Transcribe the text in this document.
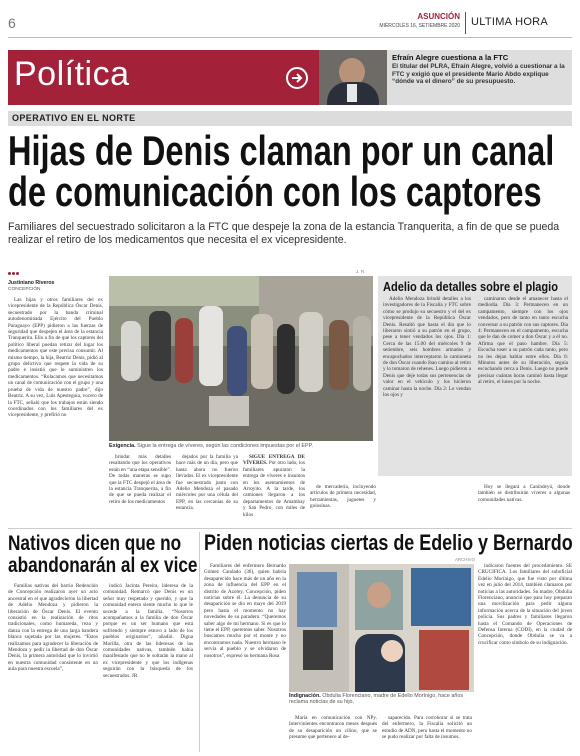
6	ASUNCIÓN
MIÉRCOLES 16, SETIEMBRE 2020 ULTIMA HORA
Política	Efraín Alegre cuestiona a la FTC
El titular del PLRA, Efraín Alegre, volvió a cuestionar a la FTC y exigió que el presidente Mario Abdo explique “dónde va el dinero” de su presupuesto.
OPERATIVO EN EL NORTE
Hijas de Denis claman por un canal
de comunicación con los captores
Familiares del secuestrado solicitaron a la FTC que despeje la zona de la estancia Tranquerita, a fin de que se pueda realizar el retiro de los medicamentos que necesita el ex vicepresidente.
Justiniano Riveros
CONCEPCIÓN

Las hijas y otros familiares del ex vicepresidente de la República Óscar Denis, secuestrado por la banda criminal autodenominada Ejército del Pueblo Paraguayo (EPP) pidieron a las fuerzas de seguridad que despejen el área de la estancia Tranquerita. Ello a fin de que los captores del político liberal puedan retirar del lugar los medicamentos que este precisa consumir. Al mismo tiempo, la hija, Beatriz Denis, pidió al grupo delictivo que respete la vida de su padre e insistió que le suministren los medicamentos. “Rolacamos que necesitamos un canal de comunicación con el grupo y una prueba de vida de nuestro padre”, dijo Beatriz. A su vez, Luis Apesteguía, vocero de la FTC, señaló que los trabajos están siendo coordinados con los familiares del ex vicepresidente, y prefirió no

J. R.
Exigencia. Sigue la entrega de víveres, según las condiciones impuestas por el EPP.

brindar más detalles resaltando que los operativos están en “una etapa sensible”. De todas maneras se supo que la FTC despejó el área de la estancia Tranquerita, a fin de que se pueda realizar el retiro de los medicamentos

dejados por la familia ya hace más de un día, pero que hasta ahora no fueron llevados. El ex vicepresidente fue secuestrado junto con Adelio Mendoza el pasado miércoles por una célula del EPP, en las cercanías de su estancia.

SIGUE ENTREGA DE VÍVERES. Por otro lado, los familiares apuraron la entrega de víveres e insumos en los asentamientos de Arroyito. A la tarde, los camiones llegaron a los departamentos de Amambay y San Pedro, con miles de kilos

de mercadería, incluyendo artículos de primera necesidad, herramientas, juguetes y golosinas.

Adelio da detalles sobre el plagio

Adelio Mendoza brindó detalles a los investigadores de la Fiscalía y FTC sobre cómo se produjo su secuestro y el del ex vicepresidente de la República Óscar Denis. Resaltó que hasta el día que lo liberaron sintió a su patrón en el grupo, pese a tener vendados los ojos. Día 1: Cerca de las 15.00 del miércoles 9 de setiembre, seis hombres armados y encapuchados interceptaron la camioneta de don Óscar cuando iban camino al retiro y lo tomaron de rehenes. Luego pidieron a Denis que deje todas sus pertenencias de valor en el vehículo y los hicieron caminar hasta la noche. Día 2: Le vendan los ojos y

caminaron desde el amanecer hasta el mediodía. Día 3: Permanecen en un campamento, siempre con los ojos vendados, pero de tanto en tanto escucha conversar a su patrón con sus captores. Día 4: Permanecen en el campamento, escucha que le dan de comer a don Óscar y a él no. Afirma que el paso hambre. Día 5: Escucha toser a su patrón cada tanto, pero no les dejan hablar entre ellos. Día 6: Minutos antes de su liberación, seguía escuchando cerca a Denis. Luego no puede precisar cuántas horas caminó hasta llegar al retiro, el lunes por la noche.

Hoy se llegará a Caníndeyú, donde también se distribuirán víveres a algunas comunidades nativas.

Nativos dicen que no
abandonarán al ex vice

Familias nativas del barrio Redención de Concepción realizaron ayer un acto ancestral en el que agradecieron la libertad de Adelio Mendoza y pidieron la liberación de Óscar Denis. El evento consistió en la realización de ritos tradicionales, como humareda, rezo y danza con la entrega de una larga bandera blanca sujetada por las mujeres. “Estos realizamos para agradecer la liberación de Mendoza y pedir la libertad de don Óscar Denis, la primera autoridad que lo invirtió en nuestra comunidad consistente en un aula para nuestra escuela”,

indicó Jacinta Pereira, lideresa de la comunidad. Remarcó que Denis es un señor muy respetado y querido, y que la comunidad entera siente mucho lo que le sucede a la familia. “Nosotros acompañamos a la familia de don Óscar porque es un ser humano que está sufriendo y siempre estuvo a lado de los pueblos originarios”, añadió. Digna Morilla, otra de las lideresas de las comunidades nativas, también había manifestado que no le soltarán la mano al ex vicepresidente y que los indígenas seguirán con la búsqueda de los secuestrados. JR

Piden noticias ciertas de Edelio y Bernardo
ARCHIVO

Familiares del enfermero Bernardo Gómez Candado (36), quien habría desaparecido hace más de un año en la zona de influencia del EPP en el distrito de Azotey, Concepción, piden noticias sobre él. La denuncia de su desaparición se dio en mayo del 2019 pero hasta el momento no hay novedades de su paradero. “Queremos saber algo de mi hermano. Si es que lo tiene el EPP, queremos saber. Nosotros buscamos mucho por el monte y no encontramos nada. Nuestro hermano le servía al pueblo y se olvidaron de nosotros”, expresó su hermana Rosa

Indignación. Obdulia Florenciano, madre de Edelio Morínigo, hace años reclama noticias de su hijo.

María en comunicación con NPy. Intervinientes encontraron meses después de su desaparición un cilino, que se presume que pertenece al de-

saparecido. Para corroborar si se trata del enfermero, la Fiscalía solicitó un estudio de ADN, pero hasta el momento no se pudo realizar por falta de insumos.

indicaron fuentes del procedimiento. SE CRUCIFICA. Los familiares del suboficial Edelio Morínigo, que fue visto por última vez en julio del 2014, también clamaron por noticias a las autoridades. Su madre, Obdulia Florenciano, anunció que para hoy preparan una movilización para pedir alguna información acerca de la situación del joven policía. Sus padres y familiares llegaron hasta el Comando de Operaciones de Defensa Interna (CODI), en la ciudad de Concepción, donde Obdulia se va a crucificar como símbolo de su indignación.
